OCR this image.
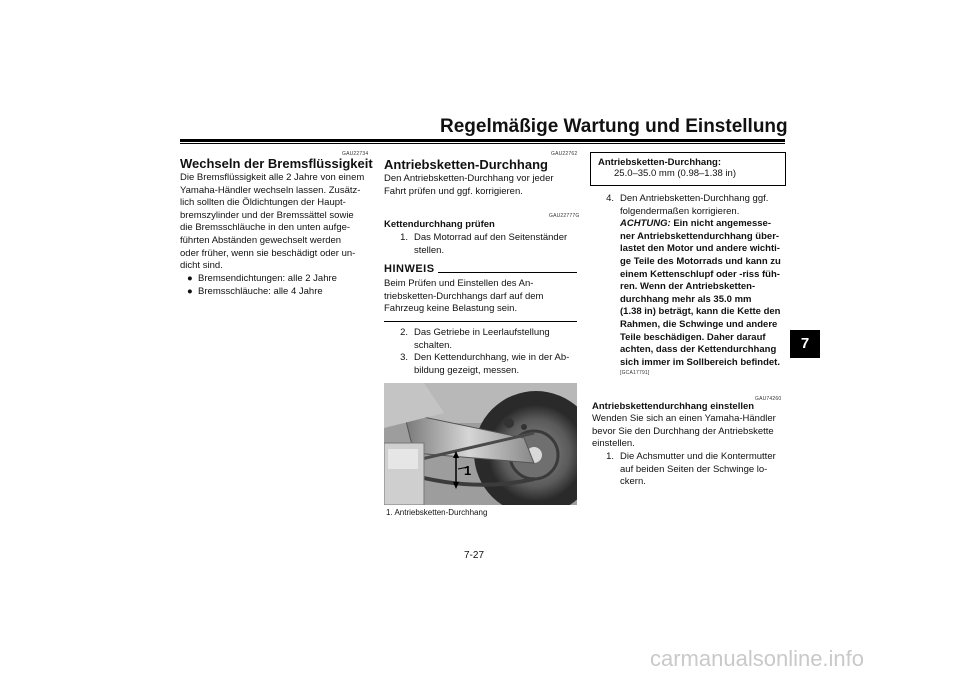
Regelmäßige Wartung und Einstellung
7
GAU22734
Wechseln der Bremsflüssigkeit
Die Bremsflüssigkeit alle 2 Jahre von einem
Yamaha-Händler wechseln lassen. Zusätz-
lich sollten die Öldichtungen der Haupt-
bremszylinder und der Bremssättel sowie
die Bremsschläuche in den unten aufge-
führten Abständen gewechselt werden
oder früher, wenn sie beschädigt oder un-
dicht sind.
● Bremsendichtungen: alle 2 Jahre
● Bremsschläuche: alle 4 Jahre
GAU22762
Antriebsketten-Durchhang
Den Antriebsketten-Durchhang vor jeder
Fahrt prüfen und ggf. korrigieren.
GAU22777G
Kettendurchhang prüfen
1. Das Motorrad auf den Seitenständer
stellen.
HINWEIS
Beim Prüfen und Einstellen des An-
triebsketten-Durchhangs darf auf dem
Fahrzeug keine Belastung sein.
2. Das Getriebe in Leerlaufstellung
schalten.
3. Den Kettendurchhang, wie in der Ab-
bildung gezeigt, messen.
1
1. Antriebsketten-Durchhang
Antriebsketten-Durchhang:
25.0–35.0 mm (0.98–1.38 in)
4. Den Antriebsketten-Durchhang ggf.
folgendermaßen korrigieren.
ACHTUNG: Ein nicht angemesse-
ner Antriebskettendurchhang über-
lastet den Motor und andere wichti-
ge Teile des Motorrads und kann zu
einem Kettenschlupf oder -riss füh-
ren. Wenn der Antriebsketten-
durchhang mehr als 35.0 mm
(1.38 in) beträgt, kann die Kette den
Rahmen, die Schwinge und andere
Teile beschädigen. Daher darauf
achten, dass der Kettendurchhang
sich immer im Sollbereich befindet.
[GCA17791]
GAU74260
Antriebskettendurchhang einstellen
Wenden Sie sich an einen Yamaha-Händler
bevor Sie den Durchhang der Antriebskette
einstellen.
1. Die Achsmutter und die Kontermutter
auf beiden Seiten der Schwinge lo-
ckern.
7-27
carmanualsonline.info
